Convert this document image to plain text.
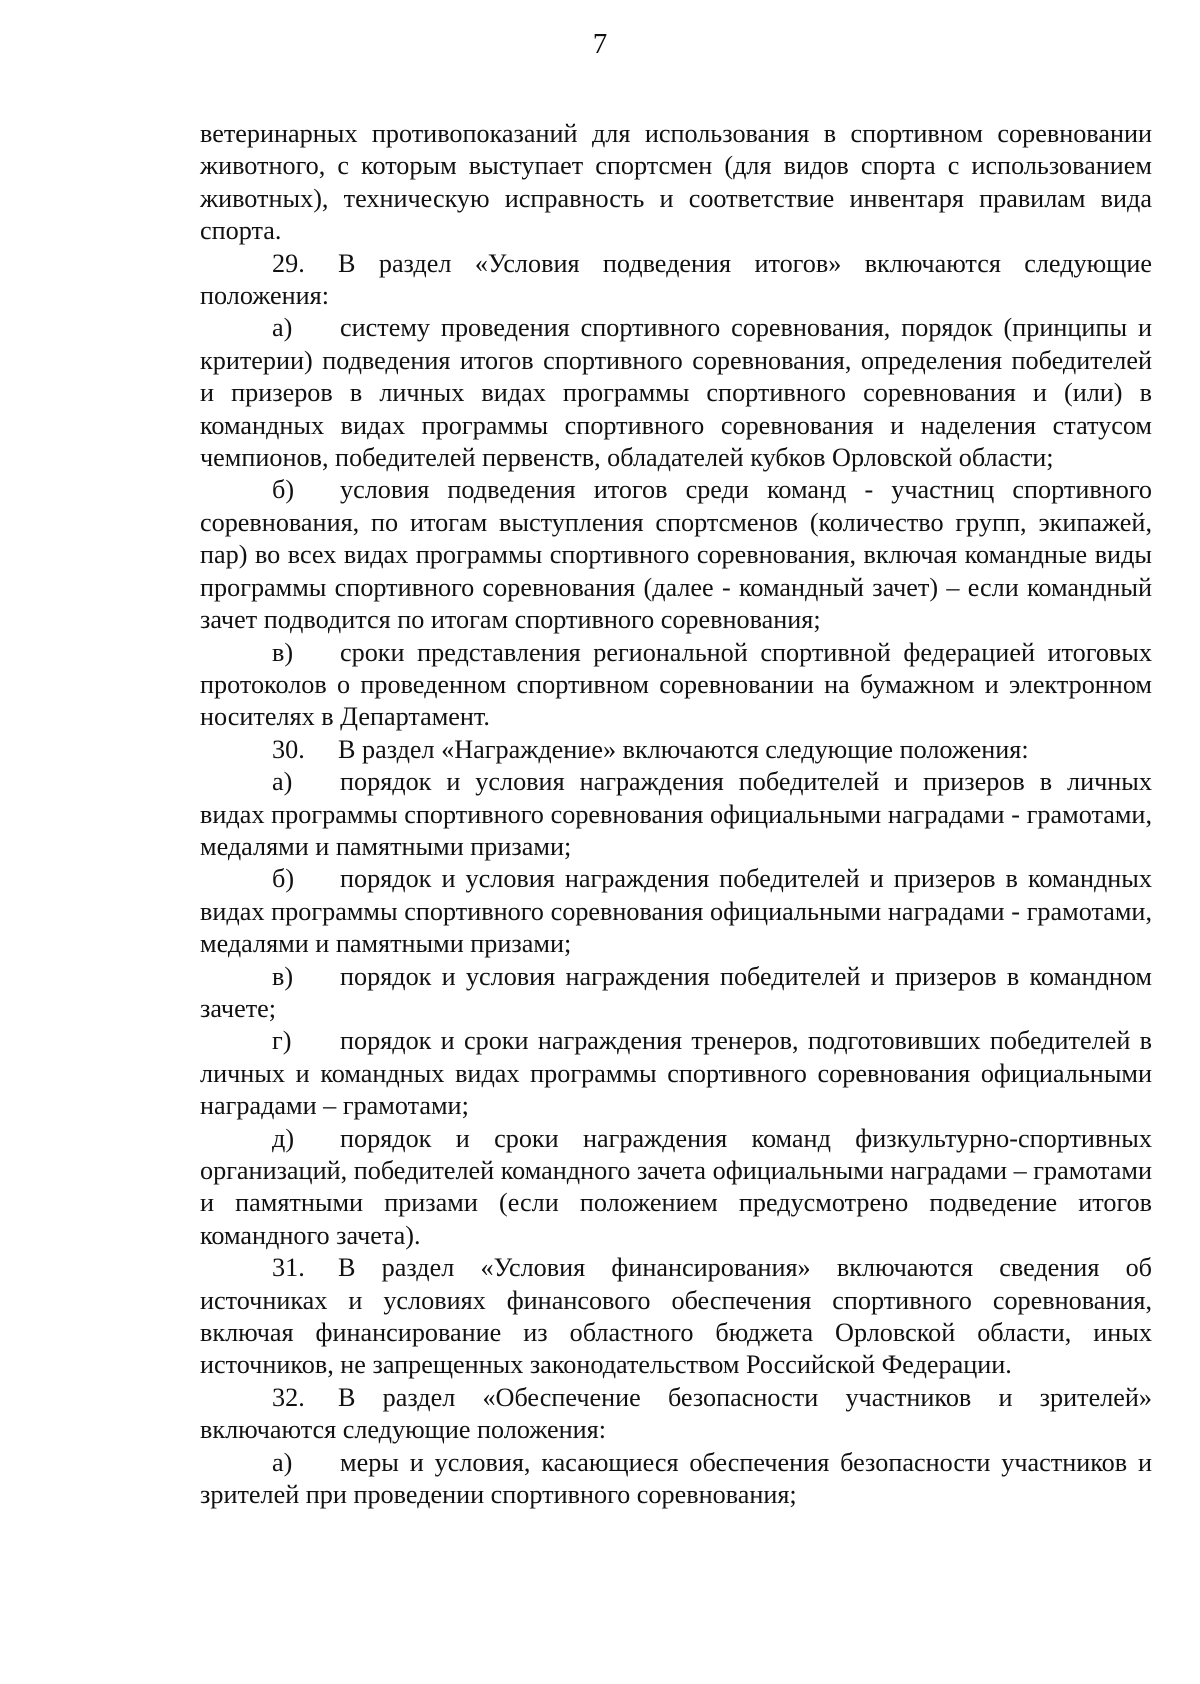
7

ветеринарных противопоказаний для использования в спортивном соревновании животного, с которым выступает спортсмен (для видов спорта с использованием животных), техническую исправность и соответствие инвентаря правилам вида спорта.

29. В раздел «Условия подведения итогов» включаются следующие положения:

а) систему проведения спортивного соревнования, порядок (принципы и критерии) подведения итогов спортивного соревнования, определения победителей и призеров в личных видах программы спортивного соревнования и (или) в командных видах программы спортивного соревнования и наделения статусом чемпионов, победителей первенств, обладателей кубков Орловской области;

б) условия подведения итогов среди команд - участниц спортивного соревнования, по итогам выступления спортсменов (количество групп, экипажей, пар) во всех видах программы спортивного соревнования, включая командные виды программы спортивного соревнования (далее - командный зачет) – если командный зачет подводится по итогам спортивного соревнования;

в) сроки представления региональной спортивной федерацией итоговых протоколов о проведенном спортивном соревновании на бумажном и электронном носителях в Департамент.

30. В раздел «Награждение» включаются следующие положения:

а) порядок и условия награждения победителей и призеров в личных видах программы спортивного соревнования официальными наградами - грамотами, медалями и памятными призами;

б) порядок и условия награждения победителей и призеров в командных видах программы спортивного соревнования официальными наградами - грамотами, медалями и памятными призами;

в) порядок и условия награждения победителей и призеров в командном зачете;

г) порядок и сроки награждения тренеров, подготовивших победителей в личных и командных видах программы спортивного соревнования официальными наградами – грамотами;

д) порядок и сроки награждения команд физкультурно-спортивных организаций, победителей командного зачета официальными наградами – грамотами и памятными призами (если положением предусмотрено подведение итогов командного зачета).

31. В раздел «Условия финансирования» включаются сведения об источниках и условиях финансового обеспечения спортивного соревнования, включая финансирование из областного бюджета Орловской области, иных источников, не запрещенных законодательством Российской Федерации.

32. В раздел «Обеспечение безопасности участников и зрителей» включаются следующие положения:

а) меры и условия, касающиеся обеспечения безопасности участников и зрителей при проведении спортивного соревнования;
